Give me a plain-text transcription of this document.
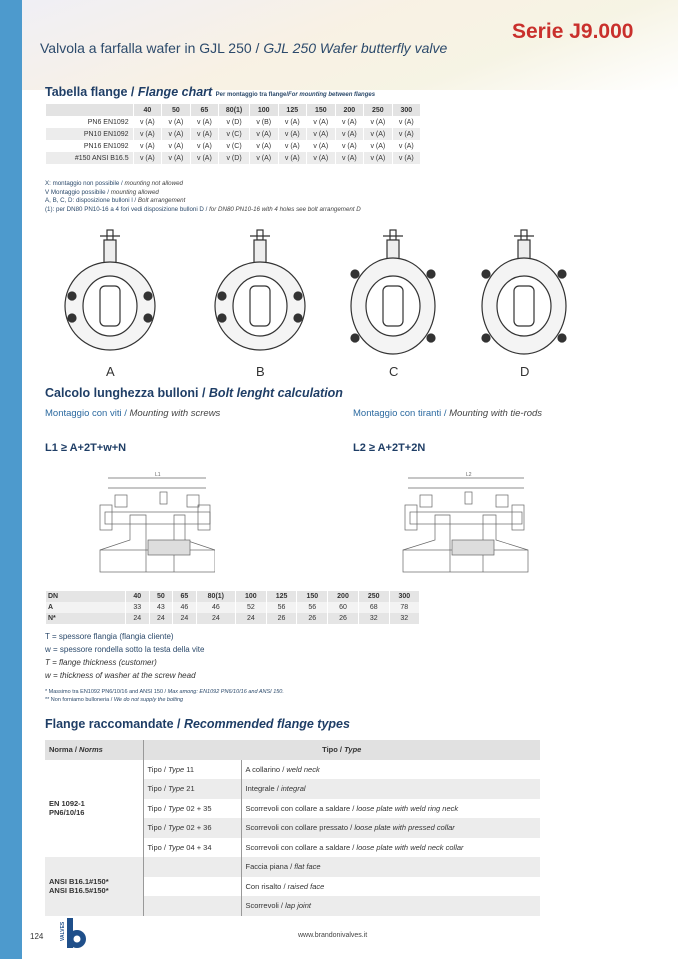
Valvola a farfalla wafer in GJL 250 / GJL 250 Wafer butterfly valve
Serie J9.000
Tabella flange / Flange chart Per montaggio tra flange/For mounting between flanges
	40	50	65	80(1)	100	125	150	200	250	300
PN6 EN1092	v (A)	v (A)	v (A)	v (D)	v (B)	v (A)	v (A)	v (A)	v (A)	v (A)
PN10 EN1092	v (A)	v (A)	v (A)	v (C)	v (A)	v (A)	v (A)	v (A)	v (A)	v (A)
PN16 EN1092	v (A)	v (A)	v (A)	v (C)	v (A)	v (A)	v (A)	v (A)	v (A)	v (A)
#150 ANSI B16.5	v (A)	v (A)	v (A)	v (D)	v (A)	v (A)	v (A)	v (A)	v (A)	v (A)
X: montaggio non possibile / mounting not allowed
V Montaggio possibile / mounting allowed
A, B, C, D: disposizione bulloni l / Bolt arrangement
(1): per DN80 PN10-16 a 4 fori vedi disposizione bulloni D / for DN80 PN10-16 with 4 holes see bolt arrangement D
A	B	C	D
Calcolo lunghezza bulloni / Bolt lenght calculation
Montaggio con viti / Mounting with screws	Montaggio con tiranti / Mounting with tie-rods
L1 ≥ A+2T+w+N	L2 ≥ A+2T+2N
L1	L2
DN	40	50	65	80(1)	100	125	150	200	250	300
A	33	43	46	46	52	56	56	60	68	78
N*	24	24	24	24	24	26	26	26	32	32
T = spessore flangia (flangia cliente)
w = spessore rondella sotto la testa della vite
T = flange thickness (customer)
w = thickness of washer at the screw head
* Massimo tra EN1092 PN6/10/16 and ANSI 150 / Max among: EN1092 PN6/10/16 and ANSI 150.
** Non forniamo bulloneria / We do not supply the bolting
Flange raccomandate / Recommended flange types
Norma / Norms	Tipo / Type	

EN 1092-1
PN6/10/16	Tipo / Type 11	A collarino / weld neck
	Tipo / Type 21	Integrale / integral
	Tipo / Type 02 + 35	Scorrevoli con collare a saldare / loose plate with weld ring neck
	Tipo / Type 02 + 36	Scorrevoli con collare pressato / loose plate with pressed collar
	Tipo / Type 04 + 34	Scorrevoli con collare a saldare / loose plate with weld neck collar

ANSI B16.1#150*
ANSI B16.5#150*		Faccia piana / flat face
		Con risalto / raised face
		Scorrevoli / lap joint
124	VALVES	www.brandonivalves.it
